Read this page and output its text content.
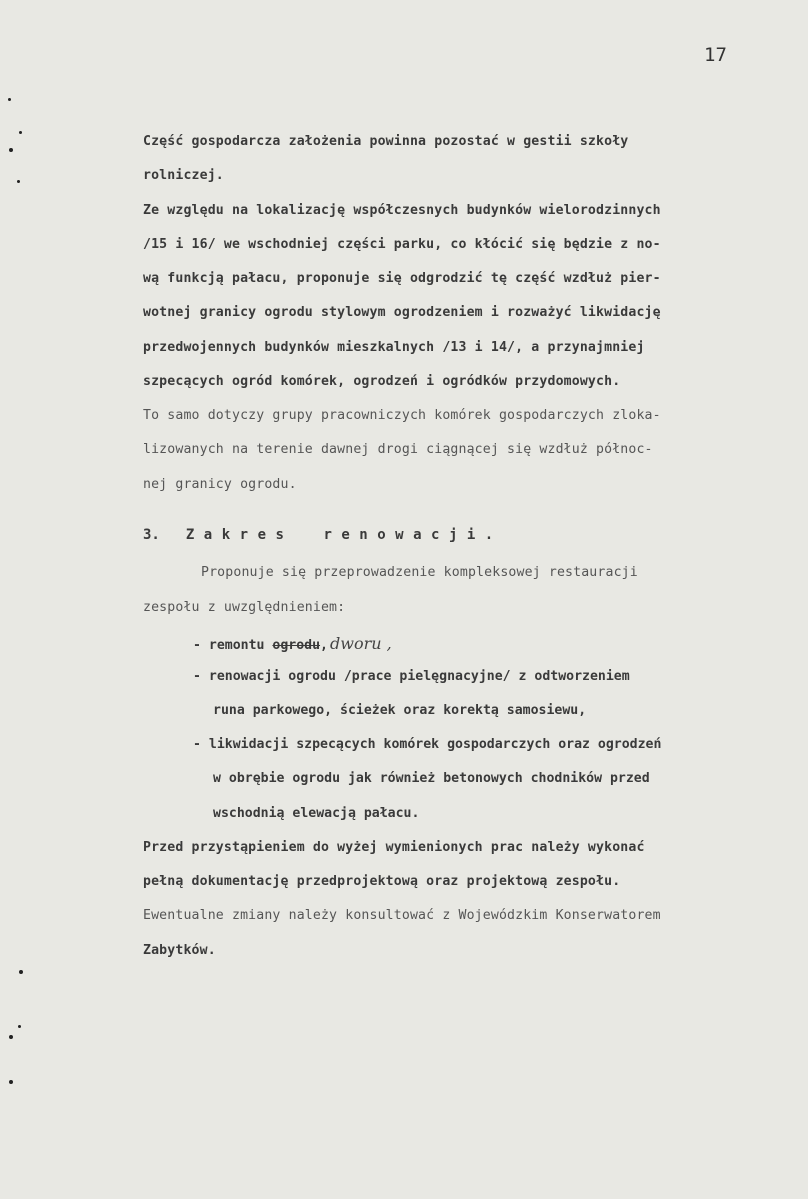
17
Część gospodarcza założenia powinna pozostać w gestii szkoły
rolniczej.
Ze względu na lokalizację współczesnych budynków wielorodzinnych
/15 i 16/ we wschodniej części parku, co kłócić się będzie z no-
wą funkcją pałacu, proponuje się odgrodzić tę część wzdłuż pier-
wotnej granicy ogrodu stylowym ogrodzeniem i rozważyć likwidację
przedwojennych budynków mieszkalnych /13 i 14/, a przynajmniej
szpecących ogród komórek, ogrodzeń i ogródków przydomowych.
To samo dotyczy grupy pracowniczych komórek gospodarczych zloka-
lizowanych na terenie dawnej drogi ciągnącej się wzdłuż północ-
nej granicy ogrodu.
3. Zakres renowacji.
Proponuje się przeprowadzenie kompleksowej restauracji
zespołu z uwzględnieniem:
- remontu ogrodu, dworu ,
- renowacji ogrodu /prace pielęgnacyjne/ z odtworzeniem
runa parkowego, ścieżek oraz korektą samosiewu,
- likwidacji szpecących komórek gospodarczych oraz ogrodzeń
w obrębie ogrodu jak również betonowych chodników przed
wschodnią elewacją pałacu.
Przed przystąpieniem do wyżej wymienionych prac należy wykonać
pełną dokumentację przedprojektową oraz projektową zespołu.
Ewentualne zmiany należy konsultować z Wojewódzkim Konserwatorem
Zabytków.
